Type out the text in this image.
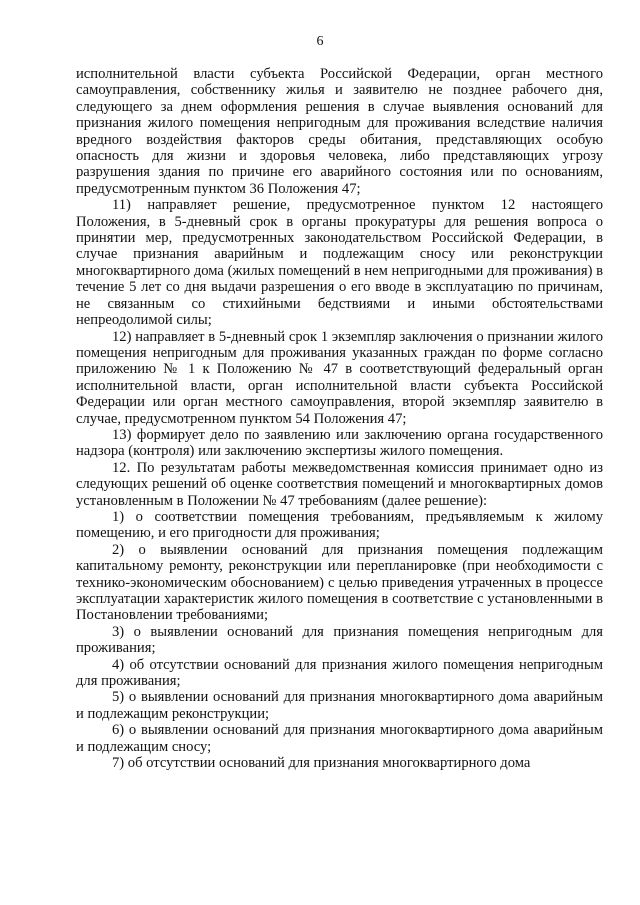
6

исполнительной власти субъекта Российской Федерации, орган местного самоуправления, собственнику жилья и заявителю не позднее рабочего дня, следующего за днем оформления решения в случае выявления оснований для признания жилого помещения непригодным для проживания вследствие наличия вредного воздействия факторов среды обитания, представляющих особую опасность для жизни и здоровья человека, либо представляющих угрозу разрушения здания по причине его аварийного состояния или по основаниям, предусмотренным пунктом 36 Положения 47;

11) направляет решение, предусмотренное пунктом 12 настоящего Положения, в 5-дневный срок в органы прокуратуры для решения вопроса о принятии мер, предусмотренных законодательством Российской Федерации, в случае признания аварийным и подлежащим сносу или реконструкции многоквартирного дома (жилых помещений в нем непригодными для проживания) в течение 5 лет со дня выдачи разрешения о его вводе в эксплуатацию по причинам, не связанным со стихийными бедствиями и иными обстоятельствами непреодолимой силы;

12) направляет в 5-дневный срок 1 экземпляр заключения о признании жилого помещения непригодным для проживания указанных граждан по форме согласно приложению № 1 к Положению № 47 в соответствующий федеральный орган исполнительной власти, орган исполнительной власти субъекта Российской Федерации или орган местного самоуправления, второй экземпляр заявителю в случае, предусмотренном пунктом 54 Положения 47;

13) формирует дело по заявлению или заключению органа государственного надзора (контроля) или заключению экспертизы жилого помещения.

12. По результатам работы межведомственная комиссия принимает одно из следующих решений об оценке соответствия помещений и многоквартирных домов установленным в Положении № 47 требованиям (далее решение):

1) о соответствии помещения требованиям, предъявляемым к жилому помещению, и его пригодности для проживания;

2) о выявлении оснований для признания помещения подлежащим капитальному ремонту, реконструкции или перепланировке (при необходимости с технико-экономическим обоснованием) с целью приведения утраченных в процессе эксплуатации характеристик жилого помещения в соответствие с установленными в Постановлении требованиями;

3) о выявлении оснований для признания помещения непригодным для проживания;

4) об отсутствии оснований для признания жилого помещения непригодным для проживания;

5) о выявлении оснований для признания многоквартирного дома аварийным и подлежащим реконструкции;

6) о выявлении оснований для признания многоквартирного дома аварийным и подлежащим сносу;

7) об отсутствии оснований для признания многоквартирного дома
